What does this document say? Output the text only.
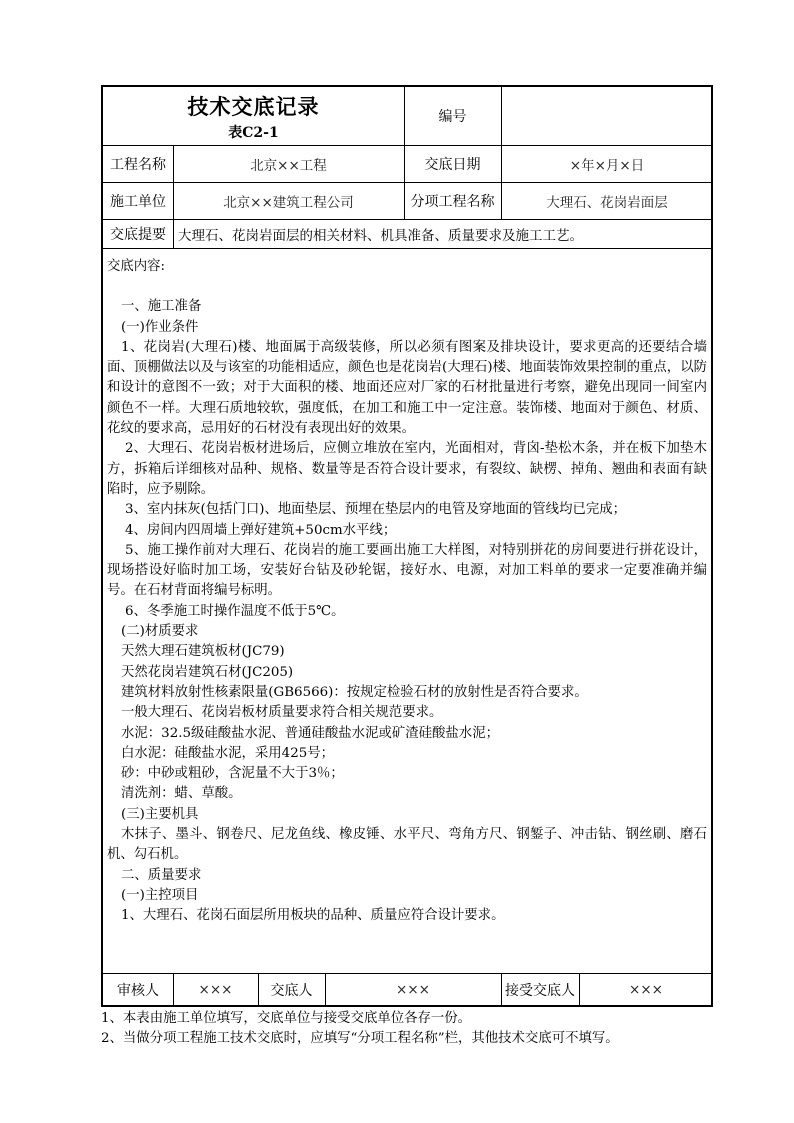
技术交底记录
表C2-1
编号
工程名称	北京××工程	交底日期	×年×月×日
施工单位	北京××建筑工程公司	分项工程名称	大理石、花岗岩面层
交底提要 大理石、花岗岩面层的相关材料、机具准备、质量要求及施工工艺。

交底内容:

一、施工准备

(一)作业条件

1、花岗岩(大理石)楼、地面属于高级装修，所以必须有图案及排块设计，要求更高的还要结合墙面、顶棚做法以及与该室的功能相适应，颜色也是花岗岩(大理石)楼、地面装饰效果控制的重点，以防和设计的意图不一致；对于大面积的楼、地面还应对厂家的石材批量进行考察，避免出现同一间室内颜色不一样。大理石质地较软，强度低，在加工和施工中一定注意。装饰楼、地面对于颜色、材质、花纹的要求高，忌用好的石材没有表现出好的效果。

2、大理石、花岗岩板材进场后，应侧立堆放在室内，光面相对，背囟-垫松木条，并在板下加垫木方，拆箱后详细核对品种、规格、数量等是否符合设计要求，有裂纹、缺楞、掉角、翘曲和表面有缺陷时，应予剔除。

3、室内抹灰(包括门口)、地面垫层、预埋在垫层内的电管及穿地面的管线均已完成；

4、房间内四周墙上弹好建筑+50cm水平线；

5、施工操作前对大理石、花岗岩的施工要画出施工大样图，对特别拼花的房间要进行拼花设计，现场搭设好临时加工场，安装好台钻及砂轮锯，接好水、电源，对加工料单的要求一定要准确并编号。在石材背面将编号标明。

6、冬季施工时操作温度不低于5℃。

(二)材质要求

天然大理石建筑板材(JC79)

天然花岗岩建筑石材(JC205)

建筑材料放射性核素限量(GB6566)：按规定检验石材的放射性是否符合要求。

一般大理石、花岗岩板材质量要求符合相关规范要求。

水泥：32.5级硅酸盐水泥、普通硅酸盐水泥或矿渣硅酸盐水泥；

白水泥：硅酸盐水泥，采用425号；

砂：中砂或粗砂，含泥量不大于3％；

清洗剂：蜡、草酸。

(三)主要机具

木抹子、墨斗、钢卷尺、尼龙鱼线、橡皮锤、水平尺、弯角方尺、钢錾子、冲击钻、钢丝刷、磨石机、勾石机。

二、质量要求

(一)主控项目

1、大理石、花岗石面层所用板块的品种、质量应符合设计要求。

审核人	×××	交底人	×××	接受交底人	×××

1、本表由施工单位填写，交底单位与接受交底单位各存一份。

2、当做分项工程施工技术交底时，应填写“分项工程名称”栏，其他技术交底可不填写。
